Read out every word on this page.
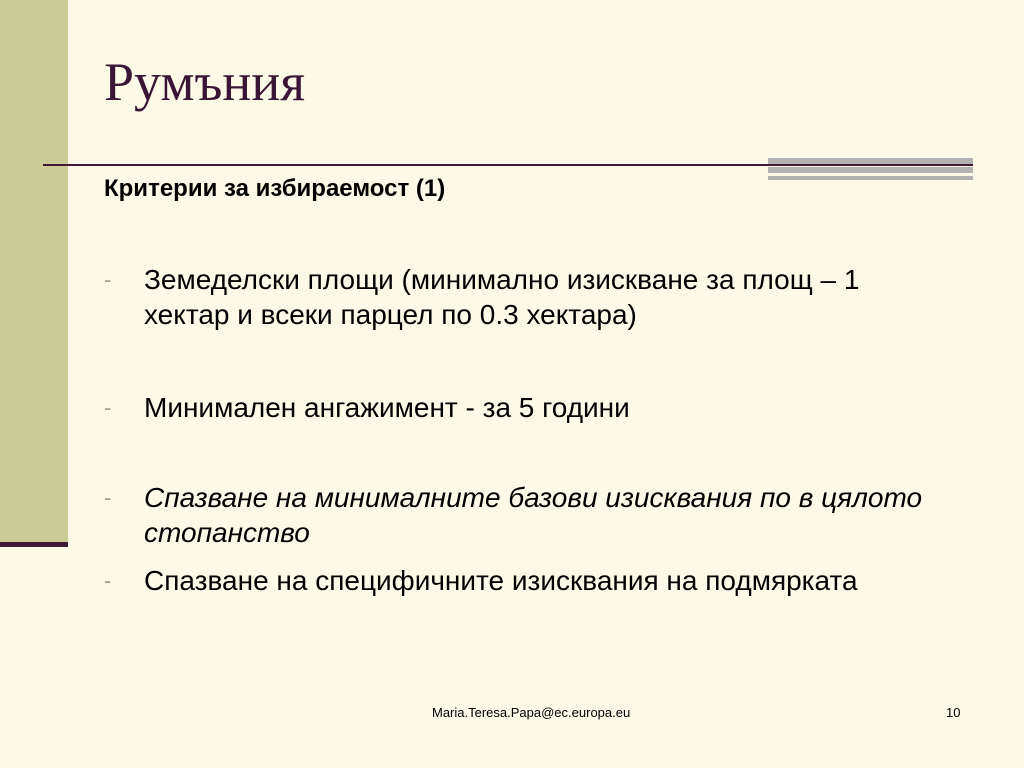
Румъния
Критерии за избираемост (1)
- Земеделски площи (минимално изискване за площ – 1 хектар и всеки парцел по 0.3 хектара)
- Минимален ангажимент - за 5 години
- Спазване на минималните базови изисквания по в цялото стопанство
- Спазване на специфичните изисквания на подмярката
Maria.Teresa.Papa@ec.europa.eu	10
